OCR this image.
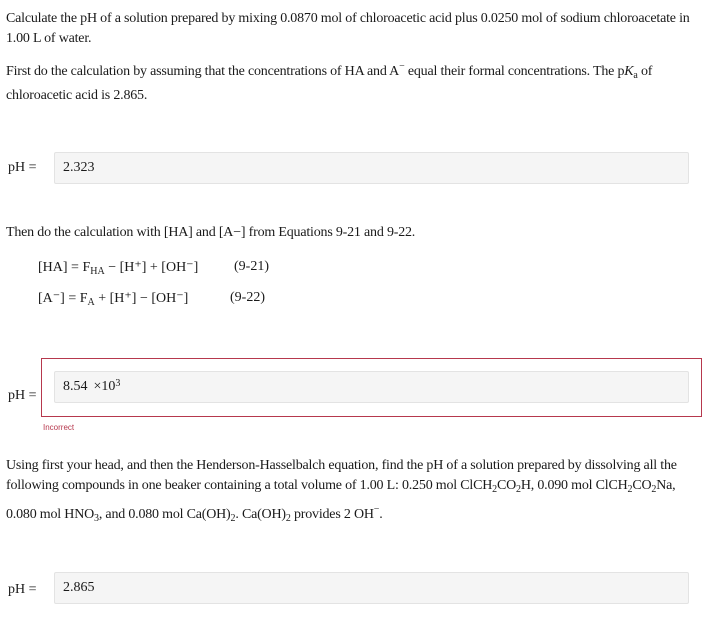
Calculate the pH of a solution prepared by mixing 0.0870 mol of chloroacetic acid plus 0.0250 mol of sodium chloroacetate in
1.00 L of water.
First do the calculation by assuming that the concentrations of HA and A− equal their formal concentrations. The $pK_a$ of
chloroacetic acid is 2.865.
pH = 2.323
Then do the calculation with [HA] and [A−] from Equations 9-21 and 9-22.
$[HA] = F_{HA} - [H^+] + [OH^-]$	(9-21)
$[A^-] = F_A + [H^+] - [OH^-]$	(9-22)
pH =
$8.54 \times 10^3$
Incorrect
Using first your head, and then the Henderson-Hasselbalch equation, find the pH of a solution prepared by dissolving all the
following compounds in one beaker containing a total volume of 1.00 L: 0.250 mol $ClCH_2CO_2H$, 0.090 mol $ClCH_2CO_2Na$,
0.080 mol $HNO_3$, and 0.080 mol $Ca(OH)_2$. $Ca(OH)_2$ provides 2 OH−.
pH = 2.865
